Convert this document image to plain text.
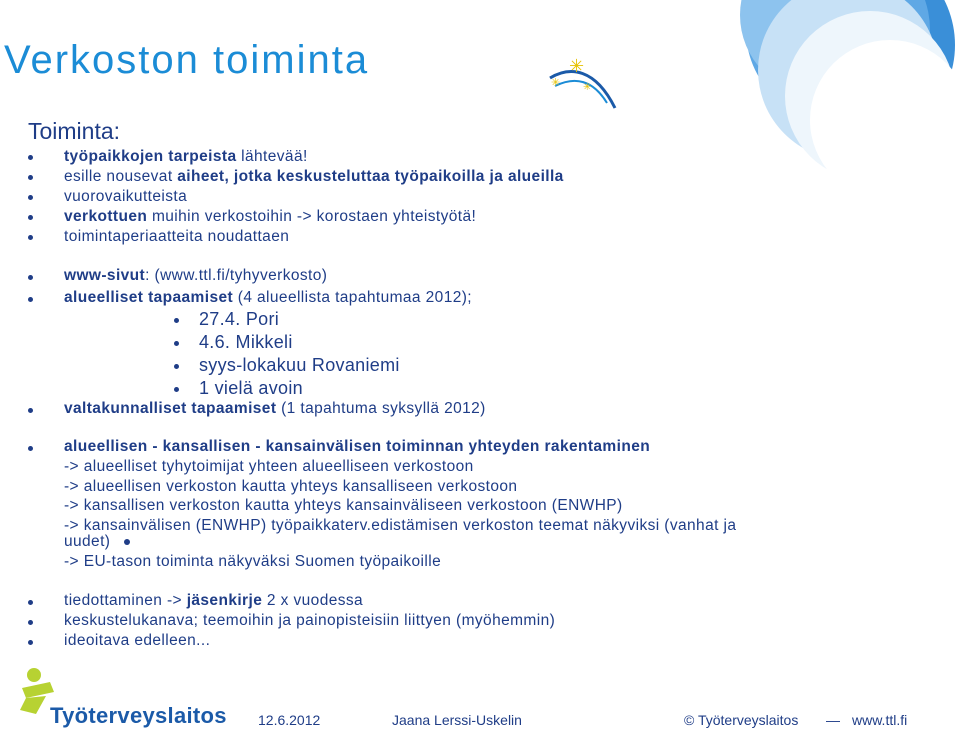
✳
✳ ✳
Verkoston toiminta
Toiminta:
työpaikkojen tarpeista lähtevää!
esille nousevat aiheet, jotka keskusteluttaa työpaikoilla ja alueilla
vuorovaikutteista
verkottuen muihin verkostoihin -> korostaen yhteistyötä!
toimintaperiaatteita noudattaen
www-sivut: (www.ttl.fi/tyhyverkosto)
alueelliset tapaamiset (4 alueellista tapahtumaa 2012);
27.4. Pori
4.6. Mikkeli
syys-lokakuu Rovaniemi
1 vielä avoin
valtakunnalliset tapaamiset (1 tapahtuma syksyllä 2012)
alueellisen - kansallisen - kansainvälisen toiminnan yhteyden rakentaminen
-> alueelliset tyhytoimijat yhteen alueelliseen verkostoon
-> alueellisen verkoston kautta yhteys kansalliseen verkostoon
-> kansallisen verkoston kautta yhteys kansainväliseen verkostoon (ENWHP)
-> kansainvälisen (ENWHP) työpaikkaterv.edistämisen verkoston teemat näkyviksi (vanhat ja
uudet)
-> EU-tason toiminta näkyväksi Suomen työpaikoille
tiedottaminen -> jäsenkirje 2 x vuodessa
keskustelukanava; teemoihin ja painopisteisiin liittyen (myöhemmin)
ideoitava edelleen...
Työterveyslaitos 12.6.2012	Jaana Lerssi-Uskelin	© Työterveyslaitos — www.ttl.fi
